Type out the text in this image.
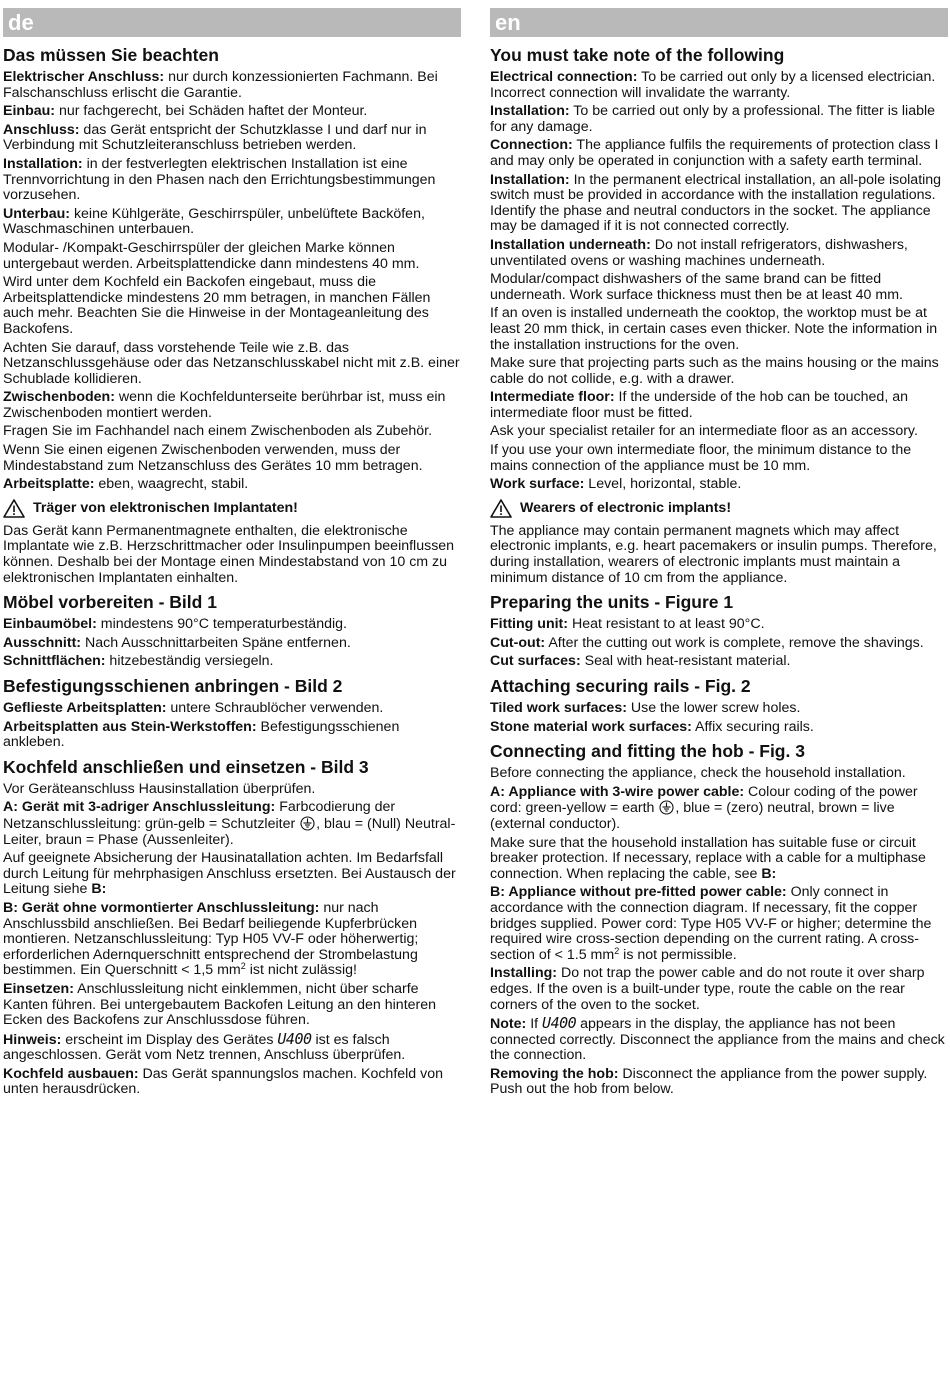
de
Das müssen Sie beachten

Elektrischer Anschluss: nur durch konzessionierten Fachmann. Bei Falschanschluss erlischt die Garantie.

Einbau: nur fachgerecht, bei Schäden haftet der Monteur.

Anschluss: das Gerät entspricht der Schutzklasse I und darf nur in Verbindung mit Schutzleiteranschluss betrieben werden.

Installation: in der festverlegten elektrischen Installation ist eine Trennvorrichtung in den Phasen nach den Errichtungsbestimmungen vorzusehen.

Unterbau: keine Kühlgeräte, Geschirrspüler, unbelüftete Backöfen, Waschmaschinen unterbauen.

Modular- /Kompakt-Geschirrspüler der gleichen Marke können untergebaut werden. Arbeitsplattendicke dann mindestens 40 mm.

Wird unter dem Kochfeld ein Backofen eingebaut, muss die Arbeitsplattendicke mindestens 20 mm betragen, in manchen Fällen auch mehr. Beachten Sie die Hinweise in der Montageanleitung des Backofens.

Achten Sie darauf, dass vorstehende Teile wie z.B. das Netzanschlussgehäuse oder das Netzanschlusskabel nicht mit z.B. einer Schublade kollidieren.

Zwischenboden: wenn die Kochfeldunterseite berührbar ist, muss ein Zwischenboden montiert werden.

Fragen Sie im Fachhandel nach einem Zwischenboden als Zubehör.

Wenn Sie einen eigenen Zwischenboden verwenden, muss der Mindestabstand zum Netzanschluss des Gerätes 10 mm betragen.

Arbeitsplatte: eben, waagrecht, stabil.

Träger von elektronischen Implantaten!

Das Gerät kann Permanentmagnete enthalten, die elektronische Implantate wie z.B. Herzschrittmacher oder Insulinpumpen beeinflussen können. Deshalb bei der Montage einen Mindestabstand von 10 cm zu elektronischen Implantaten einhalten.

Möbel vorbereiten - Bild 1

Einbaumöbel: mindestens 90°C temperaturbeständig.

Ausschnitt: Nach Ausschnittarbeiten Späne entfernen.

Schnittflächen: hitzebeständig versiegeln.

Befestigungsschienen anbringen - Bild 2

Geflieste Arbeitsplatten: untere Schraublöcher verwenden.

Arbeitsplatten aus Stein-Werkstoffen: Befestigungsschienen ankleben.

Kochfeld anschließen und einsetzen - Bild 3

Vor Geräteanschluss Hausinstallation überprüfen.

A: Gerät mit 3-adriger Anschlussleitung: Farbcodierung der Netzanschlussleitung: grün-gelb = Schutzleiter , blau = (Null) Neutral-Leiter, braun = Phase (Aussenleiter).

Auf geeignete Absicherung der Hausinatallation achten. Im Bedarfsfall durch Leitung für mehrphasigen Anschluss ersetzten. Bei Austausch der Leitung siehe B:

B: Gerät ohne vormontierter Anschlussleitung: nur nach Anschlussbild anschließen. Bei Bedarf beiliegende Kupferbrücken montieren. Netzanschlussleitung: Typ H05 VV-F oder höherwertig; erforderlichen Adernquerschnitt entsprechend der Strombelastung bestimmen. Ein Querschnitt < 1,5 $mm^2$ ist nicht zulässig!

Einsetzen: Anschlussleitung nicht einklemmen, nicht über scharfe Kanten führen. Bei untergebautem Backofen Leitung an den hinteren Ecken des Backofens zur Anschlussdose führen.

Hinweis: erscheint im Display des Gerätes U400 ist es falsch angeschlossen. Gerät vom Netz trennen, Anschluss überprüfen.

Kochfeld ausbauen: Das Gerät spannungslos machen. Kochfeld von unten herausdrücken.

en
You must take note of the following

Electrical connection: To be carried out only by a licensed electrician. Incorrect connection will invalidate the warranty.

Installation: To be carried out only by a professional. The fitter is liable for any damage.

Connection: The appliance fulfils the requirements of protection class I and may only be operated in conjunction with a safety earth terminal.

Installation: In the permanent electrical installation, an all-pole isolating switch must be provided in accordance with the installation regulations. Identify the phase and neutral conductors in the socket. The appliance may be damaged if it is not connected correctly.

Installation underneath: Do not install refrigerators, dishwashers, unventilated ovens or washing machines underneath.

Modular/compact dishwashers of the same brand can be fitted underneath. Work surface thickness must then be at least 40 mm.

If an oven is installed underneath the cooktop, the worktop must be at least 20 mm thick, in certain cases even thicker. Note the information in the installation instructions for the oven.

Make sure that projecting parts such as the mains housing or the mains cable do not collide, e.g. with a drawer.

Intermediate floor: If the underside of the hob can be touched, an intermediate floor must be fitted.

Ask your specialist retailer for an intermediate floor as an accessory.

If you use your own intermediate floor, the minimum distance to the mains connection of the appliance must be 10 mm.

Work surface: Level, horizontal, stable.

Wearers of electronic implants!

The appliance may contain permanent magnets which may affect electronic implants, e.g. heart pacemakers or insulin pumps. Therefore, during installation, wearers of electronic implants must maintain a minimum distance of 10 cm from the appliance.

Preparing the units - Figure 1

Fitting unit: Heat resistant to at least 90°C.

Cut-out: After the cutting out work is complete, remove the shavings.

Cut surfaces: Seal with heat-resistant material.

Attaching securing rails - Fig. 2

Tiled work surfaces: Use the lower screw holes.

Stone material work surfaces: Affix securing rails.

Connecting and fitting the hob - Fig. 3

Before connecting the appliance, check the household installation.

A: Appliance with 3-wire power cable: Colour coding of the power cord: green-yellow = earth , blue = (zero) neutral, brown = live (external conductor).

Make sure that the household installation has suitable fuse or circuit breaker protection. If necessary, replace with a cable for a multiphase connection. When replacing the cable, see B:

B: Appliance without pre-fitted power cable: Only connect in accordance with the connection diagram. If necessary, fit the copper bridges supplied. Power cord: Type H05 VV-F or higher; determine the required wire cross-section depending on the current rating. A cross-section of < 1.5 $mm^2$ is not permissible.

Installing: Do not trap the power cable and do not route it over sharp edges. If the oven is a built-under type, route the cable on the rear corners of the oven to the socket.

Note: If U400 appears in the display, the appliance has not been connected correctly. Disconnect the appliance from the mains and check the connection.

Removing the hob: Disconnect the appliance from the power supply. Push out the hob from below.
